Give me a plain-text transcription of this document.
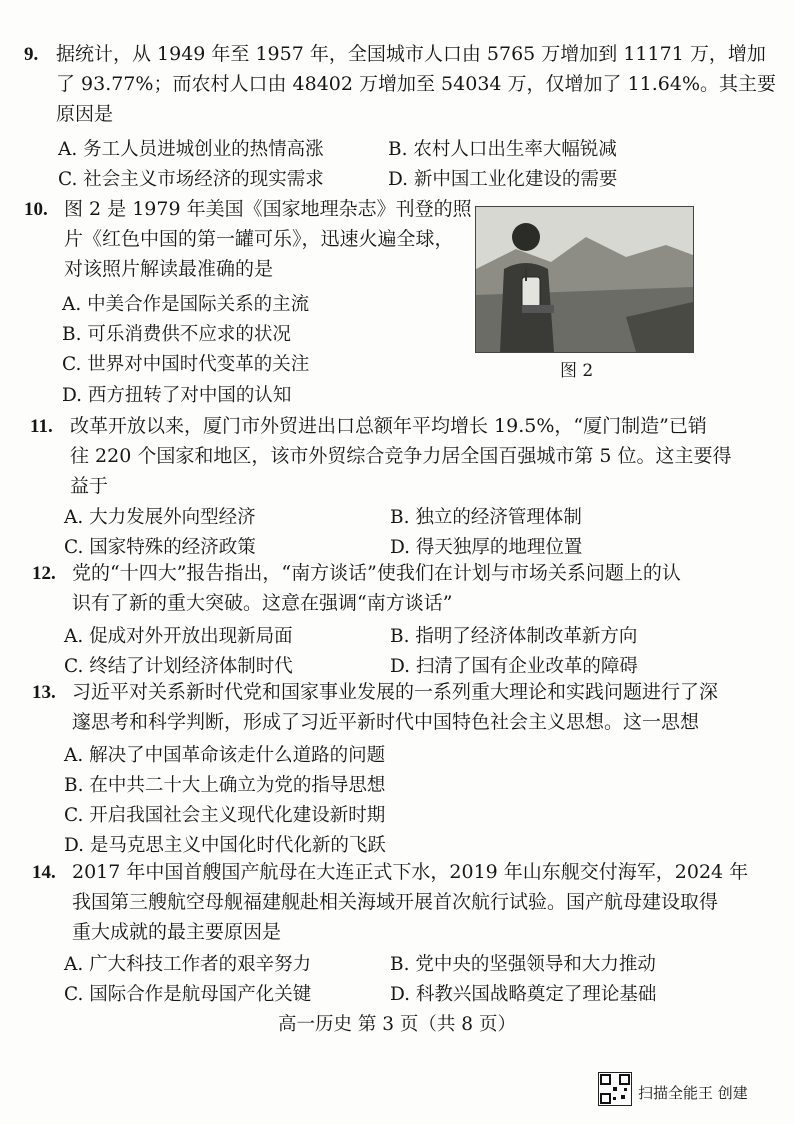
9. 据统计，从 1949 年至 1957 年，全国城市人口由 5765 万增加到 11171 万，增加
了 93.77%；而农村人口由 48402 万增加至 54034 万，仅增加了 11.64%。其主要
原因是
A. 务工人员进城创业的热情高涨	B. 农村人口出生率大幅锐减
C. 社会主义市场经济的现实需求	D. 新中国工业化建设的需要
10. 图 2 是 1979 年美国《国家地理杂志》刊登的照
片《红色中国的第一罐可乐》，迅速火遍全球，
对该照片解读最准确的是
A. 中美合作是国际关系的主流
B. 可乐消费供不应求的状况
C. 世界对中国时代变革的关注
D. 西方扭转了对中国的认知
图 2
11. 改革开放以来，厦门市外贸进出口总额年平均增长 19.5%，“厦门制造”已销
往 220 个国家和地区，该市外贸综合竞争力居全国百强城市第 5 位。这主要得
益于
A. 大力发展外向型经济	B. 独立的经济管理体制
C. 国家特殊的经济政策	D. 得天独厚的地理位置
12. 党的“十四大”报告指出，“南方谈话”使我们在计划与市场关系问题上的认
识有了新的重大突破。这意在强调“南方谈话”
A. 促成对外开放出现新局面	B. 指明了经济体制改革新方向
C. 终结了计划经济体制时代	D. 扫清了国有企业改革的障碍
13. 习近平对关系新时代党和国家事业发展的一系列重大理论和实践问题进行了深
邃思考和科学判断，形成了习近平新时代中国特色社会主义思想。这一思想
A. 解决了中国革命该走什么道路的问题
B. 在中共二十大上确立为党的指导思想
C. 开启我国社会主义现代化建设新时期
D. 是马克思主义中国化时代化新的飞跃
14. 2017 年中国首艘国产航母在大连正式下水，2019 年山东舰交付海军，2024 年
我国第三艘航空母舰福建舰赴相关海域开展首次航行试验。国产航母建设取得
重大成就的最主要原因是
A. 广大科技工作者的艰辛努力	B. 党中央的坚强领导和大力推动
C. 国际合作是航母国产化关键	D. 科教兴国战略奠定了理论基础
高一历史 第 3 页（共 8 页）
扫描全能王 创建
